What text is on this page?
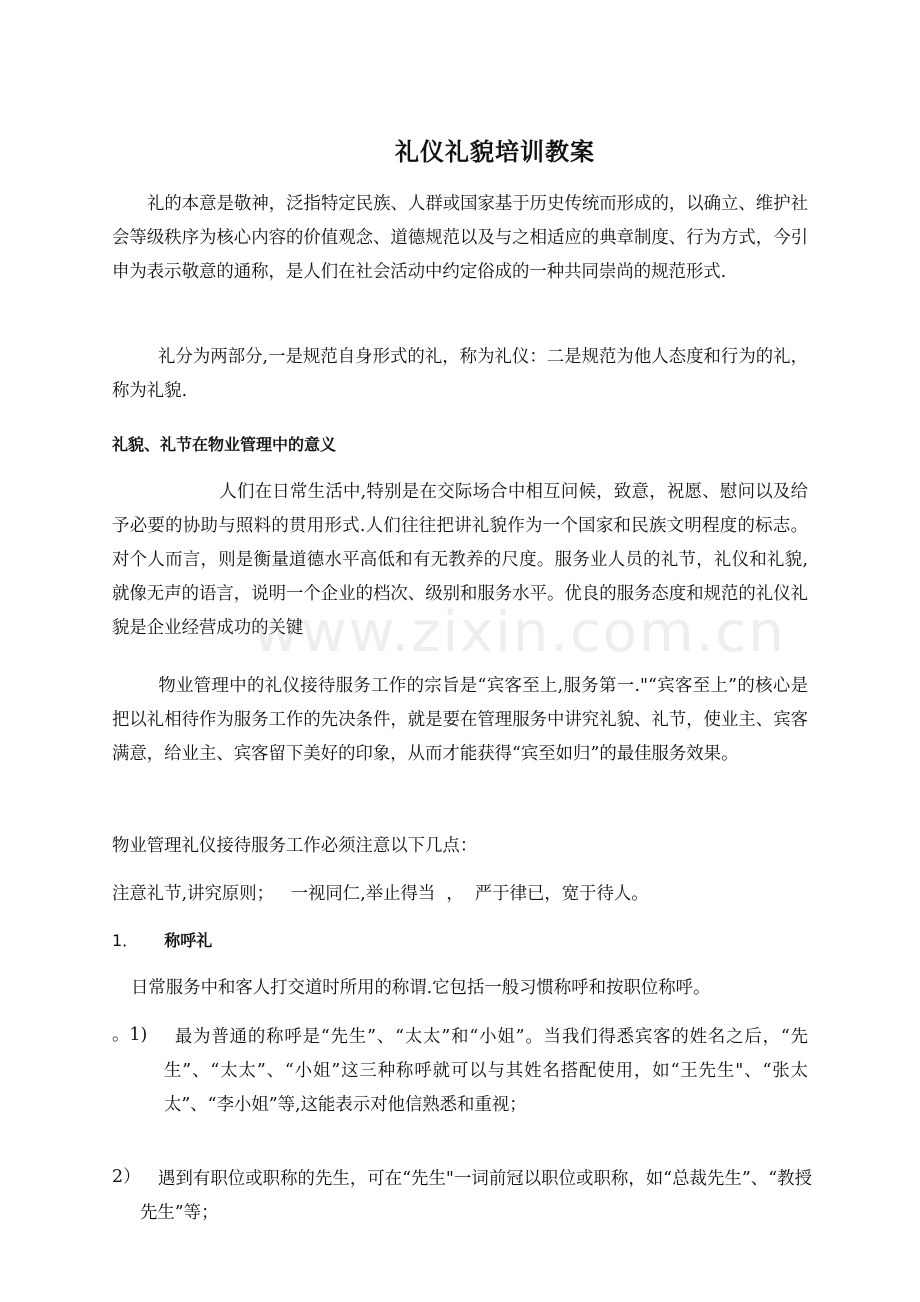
礼仪礼貌培训教案

礼的本意是敬神，泛指特定民族、人群或国家基于历史传统而形成的，以确立、维护社会等级秩序为核心内容的价值观念、道德规范以及与之相适应的典章制度、行为方式，今引申为表示敬意的通称，是人们在社会活动中约定俗成的一种共同崇尚的规范形式.

礼分为两部分,一是规范自身形式的礼，称为礼仪：二是规范为他人态度和行为的礼，称为礼貌.

礼貌、礼节在物业管理中的意义

人们在日常生活中,特别是在交际场合中相互问候，致意，祝愿、慰问以及给予必要的协助与照料的贯用形式.人们往往把讲礼貌作为一个国家和民族文明程度的标志。对个人而言，则是衡量道德水平高低和有无教养的尺度。服务业人员的礼节，礼仪和礼貌,就像无声的语言，说明一个企业的档次、级别和服务水平。优良的服务态度和规范的礼仪礼貌是企业经营成功的关键

物业管理中的礼仪接待服务工作的宗旨是“宾客至上,服务第一."“宾客至上”的核心是把以礼相待作为服务工作的先决条件，就是要在管理服务中讲究礼貌、礼节，使业主、宾客满意，给业主、宾客留下美好的印象，从而才能获得“宾至如归”的最佳服务效果。

物业管理礼仪接待服务工作必须注意以下几点：

注意礼节,讲究原则；   一视同仁,举止得当  ，  严于律已，宽于待人。

1． 称呼礼

日常服务中和客人打交道时所用的称谓.它包括一般习惯称呼和按职位称呼。

。1)	最为普通的称呼是“先生”、“太太”和“小姐”。当我们得悉宾客的姓名之后，“先生”、“太太”、“小姐”这三种称呼就可以与其姓名搭配使用，如“王先生"、“张太太”、“李小姐”等,这能表示对他信熟悉和重视；

2）	遇到有职位或职称的先生，可在“先生"一词前冠以职位或职称，如“总裁先生”、“教授先生”等；

www.zixin.com.cn
